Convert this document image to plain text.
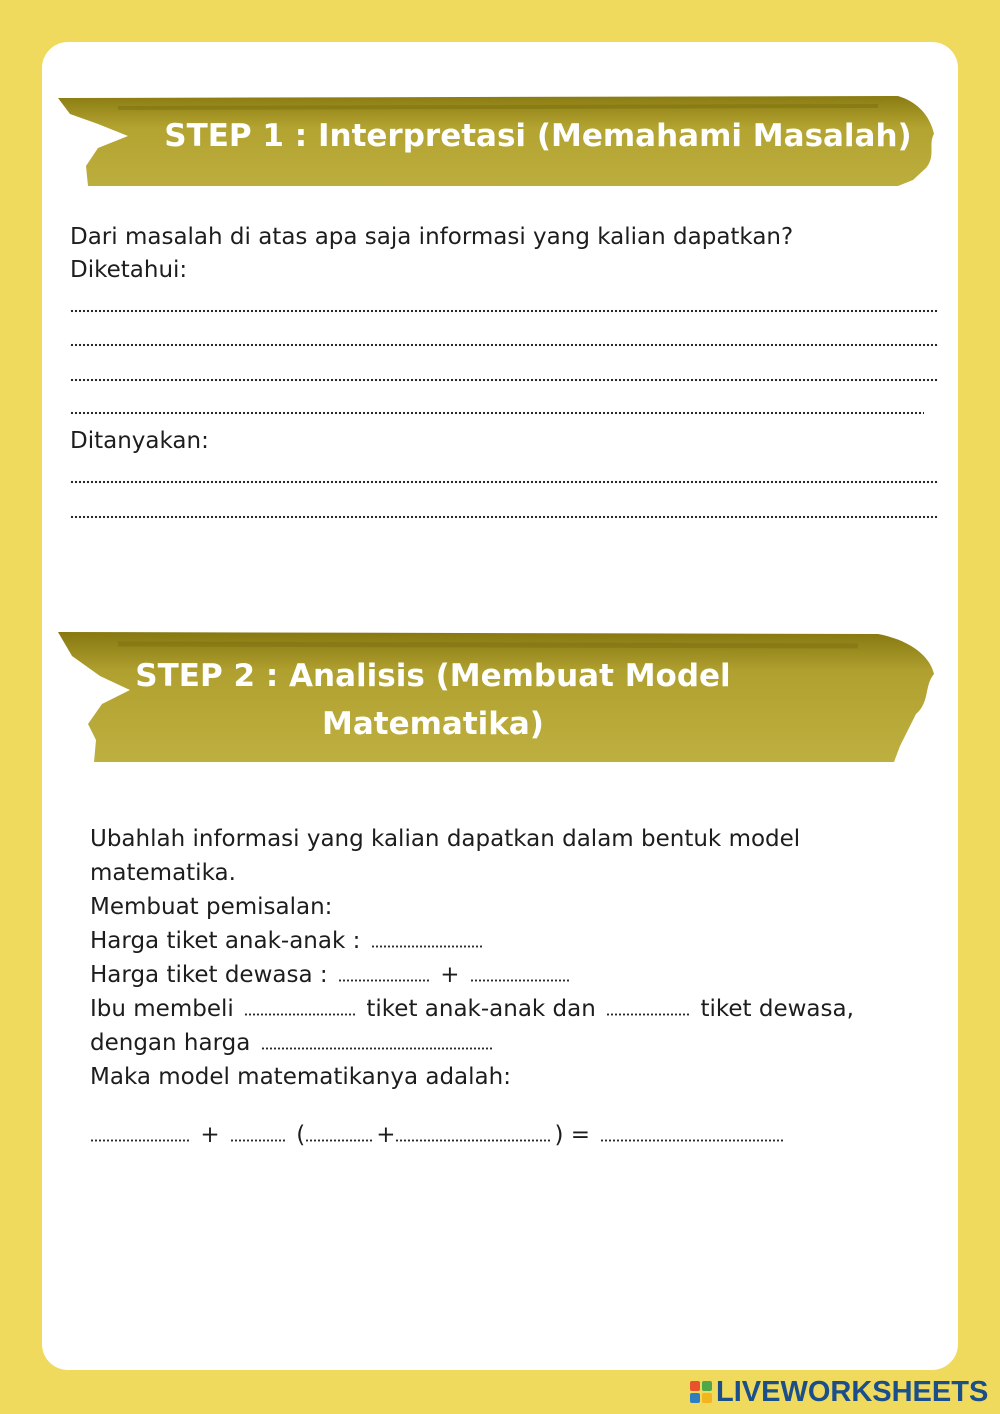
STEP 1 : Interpretasi (Memahami Masalah)
Dari masalah di atas apa saja informasi yang kalian dapatkan?
Diketahui:
Ditanyakan:
STEP 2 : Analisis (Membuat Model Matematika)
Ubahlah informasi yang kalian dapatkan dalam bentuk model
matematika.
Membuat pemisalan:
Harga tiket anak-anak :
Harga tiket dewasa :	+
Ibu membeli	tiket anak-anak dan	tiket dewasa,
dengan harga
Maka model matematikanya adalah:
+	(	+	) =
LIVEWORKSHEETS
